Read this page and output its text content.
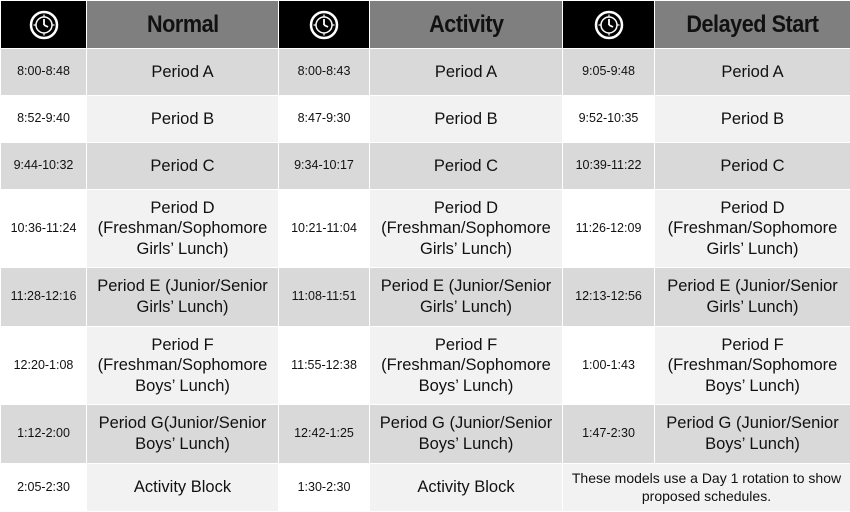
	Normal		Activity		Delayed Start
8:00-8:48	Period A	8:00-8:43	Period A	9:05-9:48	Period A
8:52-9:40	Period B	8:47-9:30	Period B	9:52-10:35	Period B
9:44-10:32	Period C	9:34-10:17	Period C	10:39-11:22	Period C
10:36-11:24	Period D (Freshman/Sophomore Girls’ Lunch)	10:21-11:04	Period D (Freshman/Sophomore Girls’ Lunch)	11:26-12:09	Period D (Freshman/Sophomore Girls’ Lunch)
11:28-12:16	Period E (Junior/Senior Girls’ Lunch)	11:08-11:51	Period E (Junior/Senior Girls’ Lunch)	12:13-12:56	Period E (Junior/Senior Girls’ Lunch)
12:20-1:08	Period F (Freshman/Sophomore Boys’ Lunch)	11:55-12:38	Period F (Freshman/Sophomore Boys’ Lunch)	1:00-1:43	Period F (Freshman/Sophomore Boys’ Lunch)
1:12-2:00	Period G(Junior/Senior Boys’ Lunch)	12:42-1:25	Period G (Junior/Senior Boys’ Lunch)	1:47-2:30	Period G (Junior/Senior Boys’ Lunch)
2:05-2:30	Activity Block	1:30-2:30	Activity Block	These models use a Day 1 rotation to show proposed schedules.	
